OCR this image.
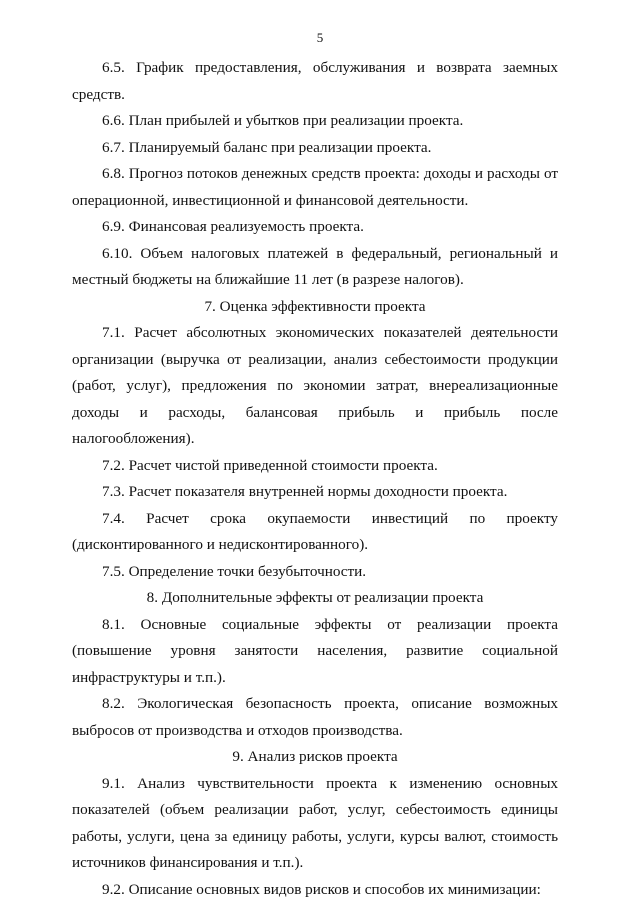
5

6.5. График предоставления, обслуживания и возврата заемных средств.

6.6. План прибылей и убытков при реализации проекта.

6.7. Планируемый баланс при реализации проекта.

6.8. Прогноз потоков денежных средств проекта: доходы и расходы от операционной, инвестиционной и финансовой деятельности.

6.9. Финансовая реализуемость проекта.

6.10. Объем налоговых платежей в федеральный, региональный и местный бюджеты на ближайшие 11 лет (в разрезе налогов).

7. Оценка эффективности проекта

7.1. Расчет абсолютных экономических показателей деятельности организации (выручка от реализации, анализ себестоимости продукции (работ, услуг), предложения по экономии затрат, внереализационные доходы и расходы, балансовая прибыль и прибыль после налогообложения).

7.2. Расчет чистой приведенной стоимости проекта.

7.3. Расчет показателя внутренней нормы доходности проекта.

7.4. Расчет срока окупаемости инвестиций по проекту (дисконтированного и недисконтированного).

7.5. Определение точки безубыточности.

8. Дополнительные эффекты от реализации проекта

8.1. Основные социальные эффекты от реализации проекта (повышение уровня занятости населения, развитие социальной инфраструктуры и т.п.).

8.2. Экологическая безопасность проекта, описание возможных выбросов от производства и отходов производства.

9. Анализ рисков проекта

9.1. Анализ чувствительности проекта к изменению основных показателей (объем реализации работ, услуг, себестоимость единицы работы, услуги, цена за единицу работы, услуги, курсы валют, стоимость источников финансирования и т.п.).

9.2. Описание основных видов рисков и способов их минимизации:
